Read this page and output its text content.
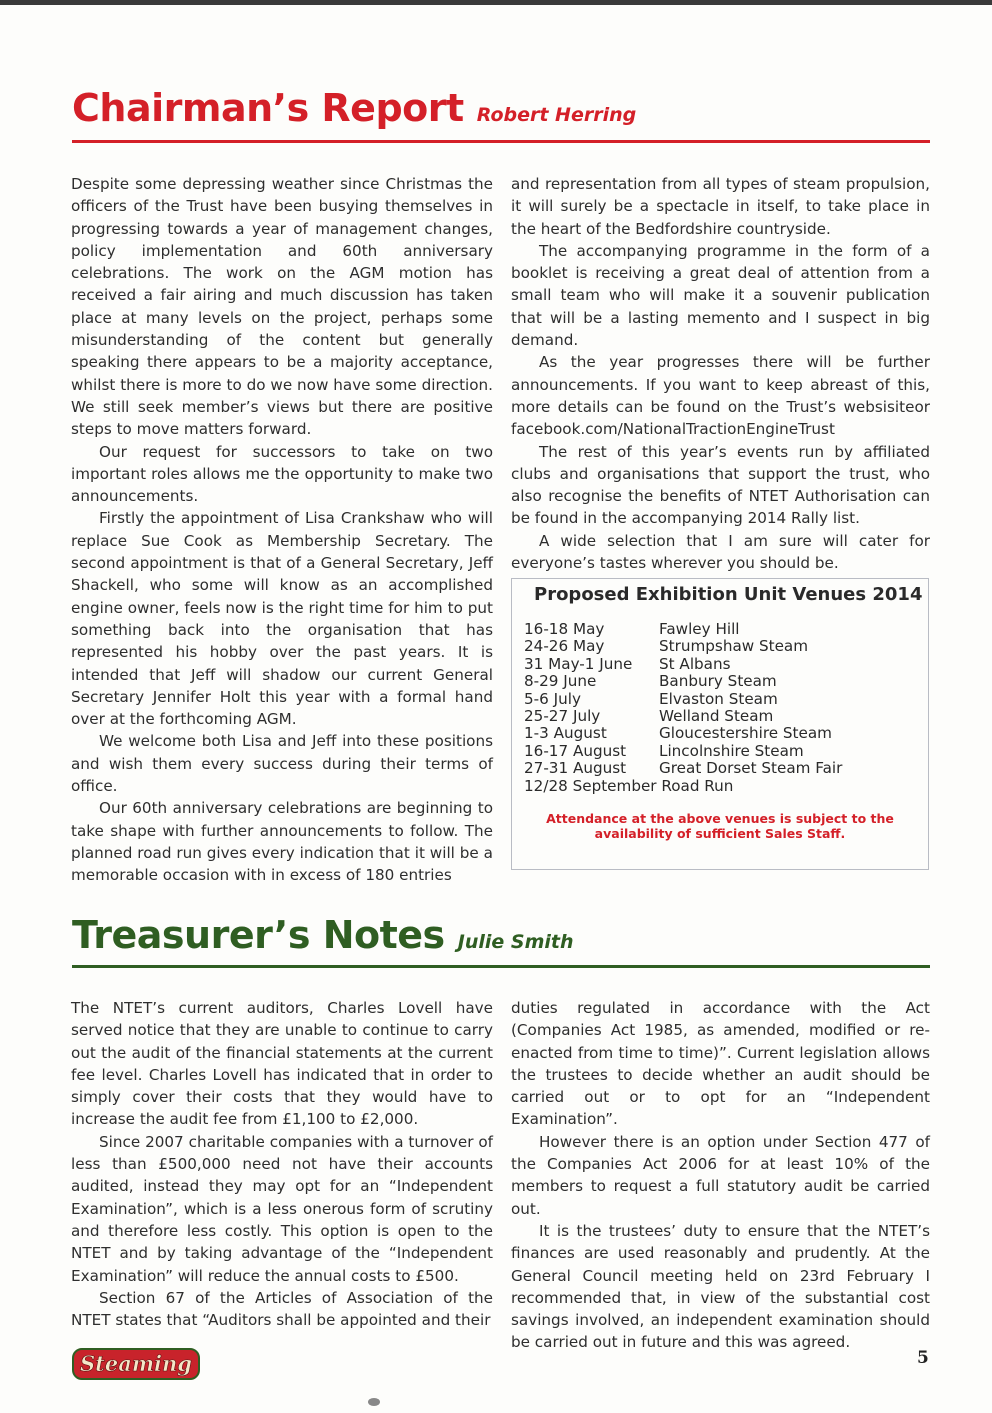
Chairman’s Report Robert Herring

Despite some depressing weather since Christmas the officers of the Trust have been busying themselves in progressing towards a year of management changes, policy implementation and 60th anniversary celebrations. The work on the AGM motion has received a fair airing and much discussion has taken place at many levels on the project, perhaps some misunderstanding of the content but generally speaking there appears to be a majority acceptance, whilst there is more to do we now have some direction. We still seek member’s views but there are positive steps to move matters forward.

Our request for successors to take on two important roles allows me the opportunity to make two announcements.

Firstly the appointment of Lisa Crankshaw who will replace Sue Cook as Membership Secretary. The second appointment is that of a General Secretary, Jeff Shackell, who some will know as an accomplished engine owner, feels now is the right time for him to put something back into the organisation that has represented his hobby over the past years. It is intended that Jeff will shadow our current General Secretary Jennifer Holt this year with a formal hand over at the forthcoming AGM.

We welcome both Lisa and Jeff into these positions and wish them every success during their terms of office.

Our 60th anniversary celebrations are beginning to take shape with further announcements to follow. The planned road run gives every indication that it will be a memorable occasion with in excess of 180 entries

and representation from all types of steam propulsion, it will surely be a spectacle in itself, to take place in the heart of the Bedfordshire countryside.

The accompanying programme in the form of a booklet is receiving a great deal of attention from a small team who will make it a souvenir publication that will be a lasting memento and I suspect in big demand.

As the year progresses there will be further announcements. If you want to keep abreast of this, more details can be found on the Trust’s websisiteor facebook.com/NationalTractionEngineTrust

The rest of this year’s events run by affiliated clubs and organisations that support the trust, who also recognise the benefits of NTET Authorisation can be found in the accompanying 2014 Rally list.

A wide selection that I am sure will cater for everyone’s tastes wherever you should be.

Proposed Exhibition Unit Venues 2014
16-18 May	Fawley Hill
24-26 May	Strumpshaw Steam
31 May-1 June St Albans
8-29 June	Banbury Steam
5-6 July	Elvaston Steam
25-27 July	Welland Steam
1-3 August	Gloucestershire Steam
16-17 August Lincolnshire Steam
27-31 August Great Dorset Steam Fair
12/28 September Road Run
Attendance at the above venues is subject to the availability of sufficient Sales Staff.
Treasurer’s Notes Julie Smith

The NTET’s current auditors, Charles Lovell have served notice that they are unable to continue to carry out the audit of the financial statements at the current fee level. Charles Lovell has indicated that in order to simply cover their costs that they would have to increase the audit fee from £1,100 to £2,000.

Since 2007 charitable companies with a turnover of less than £500,000 need not have their accounts audited, instead they may opt for an “Independent Examination”, which is a less onerous form of scrutiny and therefore less costly. This option is open to the NTET and by taking advantage of the “Independent Examination” will reduce the annual costs to £500.

Section 67 of the Articles of Association of the NTET states that “Auditors shall be appointed and their

duties regulated in accordance with the Act (Companies Act 1985, as amended, modified or re-enacted from time to time)”. Current legislation allows the trustees to decide whether an audit should be carried out or to opt for an “Independent Examination”.

However there is an option under Section 477 of the Companies Act 2006 for at least 10% of the members to request a full statutory audit be carried out.

It is the trustees’ duty to ensure that the NTET’s finances are used reasonably and prudently. At the General Council meeting held on 23rd February I recommended that, in view of the substantial cost savings involved, an independent examination should be carried out in future and this was agreed.

Steaming	5
